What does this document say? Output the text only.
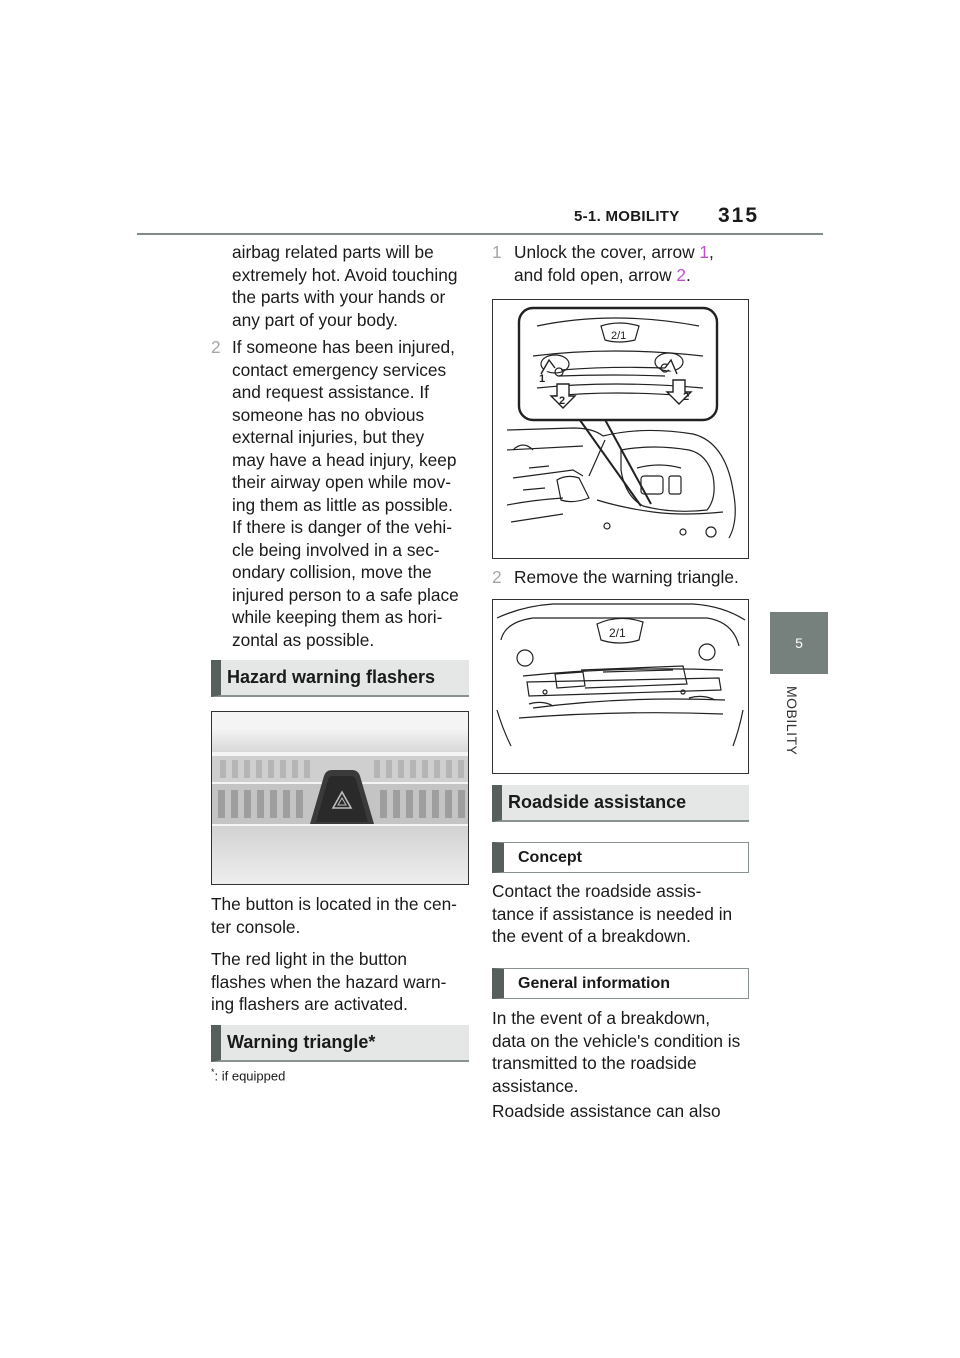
5-1. MOBILITY 315
5
MOBILITY
airbag related parts will be
extremely hot. Avoid touching
the parts with your hands or
any part of your body.
2 If someone has been injured,
contact emergency services
and request assistance. If
someone has no obvious
external injuries, but they
may have a head injury, keep
their airway open while mov-
ing them as little as possible.
If there is danger of the vehi-
cle being involved in a sec-
ondary collision, move the
injured person to a safe place
while keeping them as hori-
zontal as possible.
Hazard warning flashers
The button is located in the cen-
ter console.
The red light in the button
flashes when the hazard warn-
ing flashers are activated.
Warning triangle*
*: if equipped
1 Unlock the cover, arrow 1,
and fold open, arrow 2.
2/1
1
2	2
2 Remove the warning triangle.
2/1
Roadside assistance
Concept
Contact the roadside assis-
tance if assistance is needed in
the event of a breakdown.
General information
In the event of a breakdown,
data on the vehicle's condition is
transmitted to the roadside
assistance.
Roadside assistance can also
